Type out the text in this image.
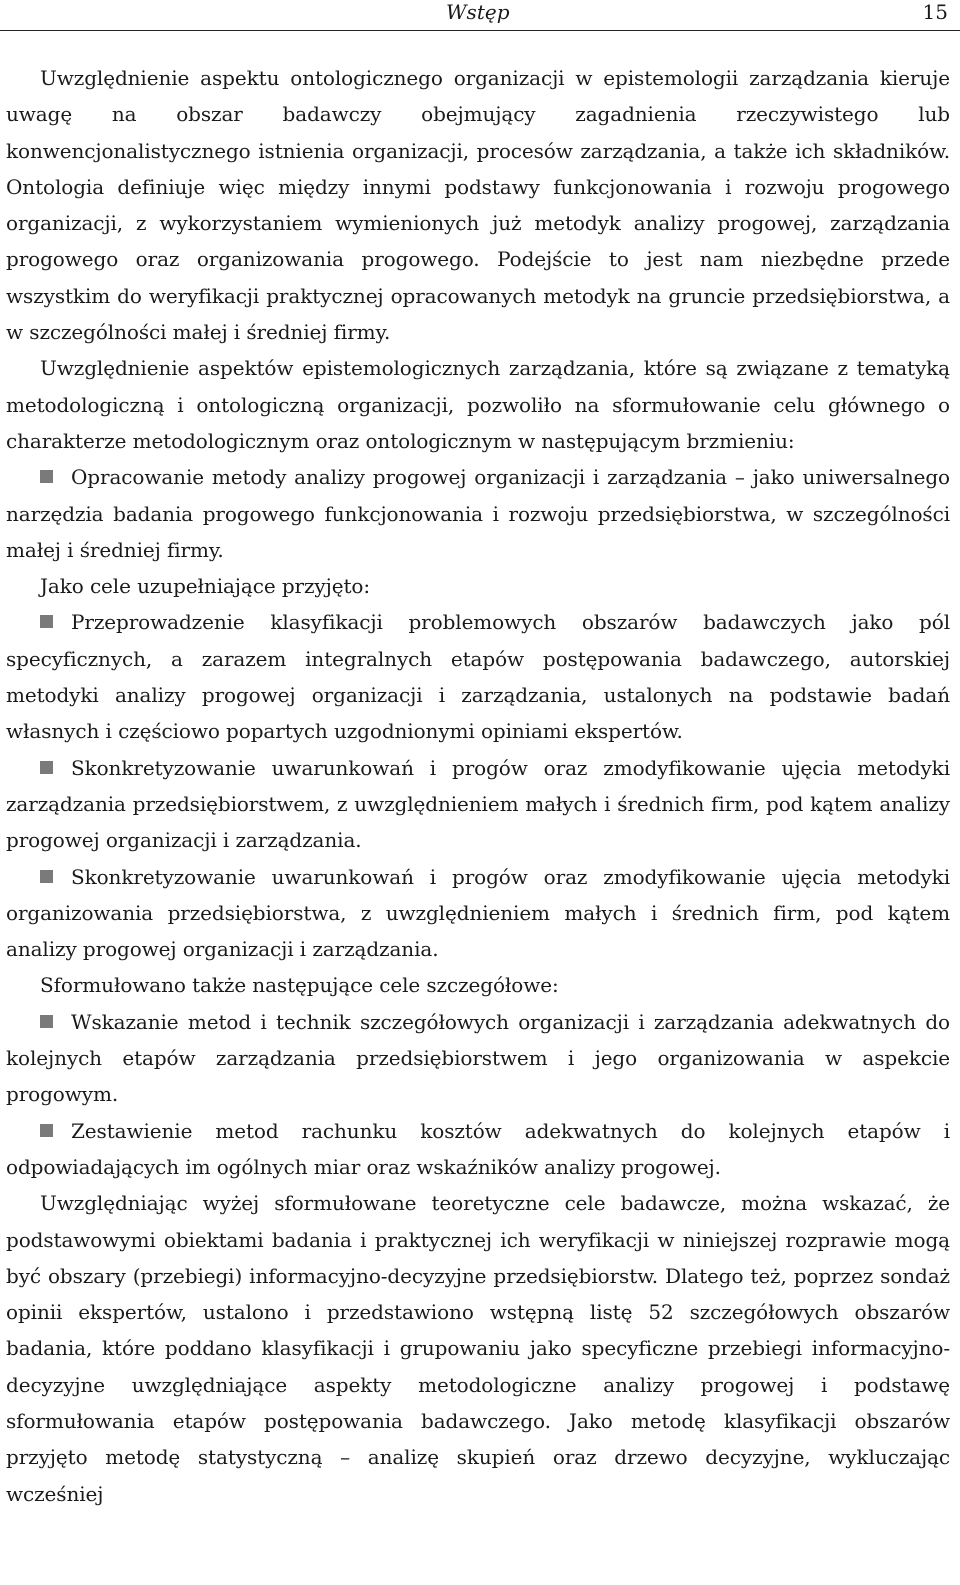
Wstęp	15

Uwzględnienie aspektu ontologicznego organizacji w epistemologii zarządzania kieruje uwagę na obszar badawczy obejmujący zagadnienia rzeczywistego lub konwencjonalistycznego istnienia organizacji, procesów zarządzania, a także ich składników. Ontologia definiuje więc między innymi podstawy funkcjonowania i rozwoju progowego organizacji, z wykorzystaniem wymienionych już metodyk analizy progowej, zarządzania progowego oraz organizowania progowego. Podejście to jest nam niezbędne przede wszystkim do weryfikacji praktycznej opracowanych metodyk na gruncie przedsiębiorstwa, a w szczególności małej i średniej firmy.

Uwzględnienie aspektów epistemologicznych zarządzania, które są związane z tematyką metodologiczną i ontologiczną organizacji, pozwoliło na sformułowanie celu głównego o charakterze metodologicznym oraz ontologicznym w następującym brzmieniu:

Opracowanie metody analizy progowej organizacji i zarządzania – jako uniwersalnego narzędzia badania progowego funkcjonowania i rozwoju przedsiębiorstwa, w szczególności małej i średniej firmy.

Jako cele uzupełniające przyjęto:

Przeprowadzenie klasyfikacji problemowych obszarów badawczych jako pól specyficznych, a zarazem integralnych etapów postępowania badawczego, autorskiej metodyki analizy progowej organizacji i zarządzania, ustalonych na podstawie badań własnych i częściowo popartych uzgodnionymi opiniami ekspertów.

Skonkretyzowanie uwarunkowań i progów oraz zmodyfikowanie ujęcia metodyki zarządzania przedsiębiorstwem, z uwzględnieniem małych i średnich firm, pod kątem analizy progowej organizacji i zarządzania.

Skonkretyzowanie uwarunkowań i progów oraz zmodyfikowanie ujęcia metodyki organizowania przedsiębiorstwa, z uwzględnieniem małych i średnich firm, pod kątem analizy progowej organizacji i zarządzania.

Sformułowano także następujące cele szczegółowe:

Wskazanie metod i technik szczegółowych organizacji i zarządzania adekwatnych do kolejnych etapów zarządzania przedsiębiorstwem i jego organizowania w aspekcie progowym.

Zestawienie metod rachunku kosztów adekwatnych do kolejnych etapów i odpowiadających im ogólnych miar oraz wskaźników analizy progowej.

Uwzględniając wyżej sformułowane teoretyczne cele badawcze, można wskazać, że podstawowymi obiektami badania i praktycznej ich weryfikacji w niniejszej rozprawie mogą być obszary (przebiegi) informacyjno-decyzyjne przedsiębiorstw. Dlatego też, poprzez sondaż opinii ekspertów, ustalono i przedstawiono wstępną listę 52 szczegółowych obszarów badania, które poddano klasyfikacji i grupowaniu jako specyficzne przebiegi informacyjno-decyzyjne uwzględniające aspekty metodologiczne analizy progowej i podstawę sformułowania etapów postępowania badawczego. Jako metodę klasyfikacji obszarów przyjęto metodę statystyczną – analizę skupień oraz drzewo decyzyjne, wykluczając wcześniej
